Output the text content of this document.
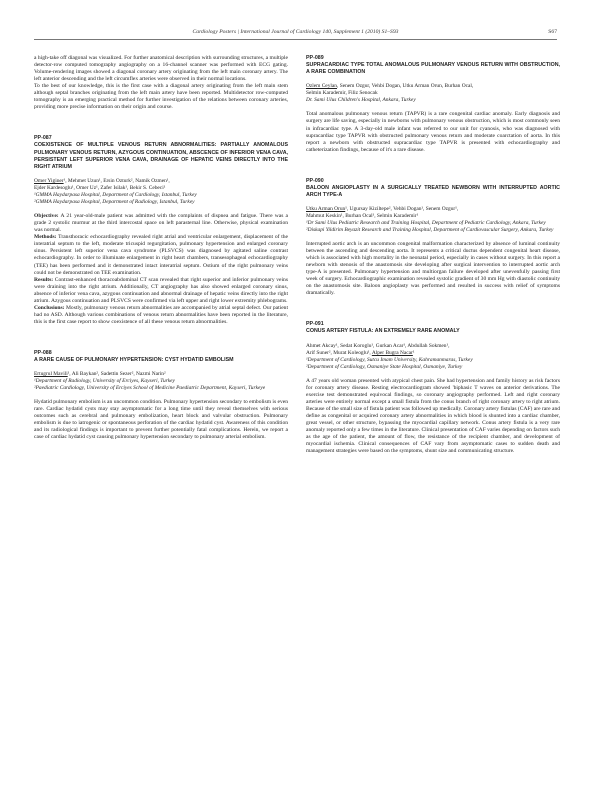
Cardiology Posters | International Journal of Cardiology 140, Supplement 1 (2010) S1–S93	S67

a high-take off diagonal was visualized. For further anatomical description with surrounding structures, a multiple detector-row computed tomography angiography on a 16-channel scanner was performed with ECG gating. Volume-rendering images showed a diagonal coronary artery originating from the left main coronary artery. The left anterior descending and the left circumflex arteries were observed in their normal locations.

To the best of our knowledge, this is the first case with a diagonal artery originating from the left main stem although septal branches originating from the left main artery have been reported. Multidetector row-computed tomography is an emerging practical method for further investigation of the relations between coronary arteries, providing more precise information on their origin and course.

PP-087
COEXISTENCE OF MULTIPLE VENOUS RETURN ABNORMALITIES: PARTIALLY ANOMALOUS PULMONARY VENOUS RETURN, AZYGOUS CONTINUATION, ABSCENCE OF INFERIOR VENA CAVA, PERSISTENT LEFT SUPERIOR VENA CAVA, DRAINAGE OF HEPATIC VEINS DIRECTLY INTO THE RIGHT ATRIUM
Omer Yiginer¹, Mehmet Uzun¹, Ersin Ozturk², Namik Ozmen¹,
Ejder Kardesoglu¹, Omer Uz¹, Zafer Isilak¹, Bekir S. Cebeci¹
¹GMMA Haydarpasa Hospital, Department of Cardiology, Istanbul, Turkey
²GMMA Haydarpasa Hospital, Department of Radiology, Istanbul, Turkey

Objective: A 21 year-old-male patient was admitted with the complaints of dispnea and fatigue. There was a grade 2 systolic murmur at the third intercostal space on left parasternal line. Otherwise, physical examination was normal.

Methods: Transthoracic echocardiography revealed right atrial and ventricular enlargement, displacement of the interatrial septum to the left, moderate tricuspid regurgitation, pulmonary hypertension and enlarged coronary sinus. Persistent left superior vena cava syndrome (PLSVCS) was diagnosed by agitated saline contrast echocardiography. In order to illuminate enlargement in right heart chambers, transesophageal echocardiography (TEE) has been performed and it demonstrated intact interatrial septum. Ostium of the right pulmonary veins could not be demonstrated on TEE examination.

Results: Contrast-enhanced thoracoabdominal CT scan revealed that right superior and inferior pulmonary veins were draining into the right atrium. Additionally, CT angiography has also showed enlarged coronary sinus, absence of inferior vena cava, azygous continuation and abnormal drainage of hepatic veins directly into the right atrium. Azygous continuation and PLSVCS were confirmed via left upper and right lower extremity phlebograms.

Conclusions: Mostly, pulmonary venous return abnormalities are accompanied by atrial septal defect. Our patient had no ASD. Although various combinations of venous return abnormalities have been reported in the literature, this is the first case report to show coexistence of all these venous return abnormalities.

PP-088
A RARE CAUSE OF PULMONARY HYPERTENSION: CYST HYDATID EMBOLISM
Ertugrul Mavili¹, Ali Baykan², Sadettin Sezer², Nazmi Narin²
¹Department of Radiology, University of Erciyes, Kayseri, Turkey
²Paediatric Cardiology, University of Erciyes School of Medicine Paediatric Department, Kayseri, Turkeye

Hydatid pulmonary embolism is an uncommon condition. Pulmonary hypertension secondary to embolism is even rare. Cardiac hydatid cysts may stay asymptomatic for a long time until they reveal themselves with serious outcomes such as cerebral and pulmonary embolization, heart block and valvular obstruction. Pulmonary embolism is due to iatrogenic or spontaneous perforation of the cardiac hydatid cyst. Awareness of this condition and its radiological findings is important to prevent further potentially fatal complications. Herein, we report a case of cardiac hydatid cyst causing pulmonary hypertension secondary to pulmonary arterial embolism.

PP-089
SUPRACARDIAC TYPE TOTAL ANOMALOUS PULMONARY VENOUS RETURN WITH OBSTRUCTION, A RARE COMBINATION
Ozlem Ceylan, Senem Ozgur, Vehbi Dogan, Utku Arman Orun, Burhan Ocal,
Selmin Karademir, Filiz Senocak
Dr. Sami Ulus Children's Hospital, Ankara, Turkey

Total anomalous pulmonary venous return (TAPVR) is a rare congenital cardiac anomaly. Early diagnosis and surgery are life saving, especially in newborns with pulmonary venous obstruction, which is most commonly seen in infracardiac type. A 3-day-old male infant was referred to our unit for cyanosis, who was diagnosed with supracardiac type TAPVR with obstructed pulmonary venous return and moderate coarctation of aorta. In this report a newborn with obstructed supracardiac type TAPVR is presented with echocardiography and catheterization findings, because of it's a rare disease.

PP-090
BALOON ANGIOPLASTY IN A SURGICALLY TREATED NEWBORN WITH INTERRUPTED AORTIC ARCH TYPE-A
Utku Arman Orun¹, Ugursay Kiziltepe², Vehbi Dogan¹, Senem Ozgur¹,
Mahmut Keskin¹, Burhan Ocal¹, Selmin Karademir¹
¹Dr Sami Ulus Pediatric Research and Training Hospital, Department of Pediatric Cardiology, Ankara, Turkey
²Diskapi Yildirim Beyazit Research and Training Hospital, Department of Cardiovascular Surgery, Ankara, Turkey

Interrupted aortic arch is an uncommon congenital malformation characterized by absence of luminal continuity between the ascending and descending aorta. It represents a critical ductus dependent congenital heart disease, which is associated with high mortality in the neonatal period, especially in cases without surgery. In this report a newborn with stenosis of the anastomosis site developing after surgical intervention to interrupted aortic arch type-A is presented. Pulmonary hypertension and multiorgan failure developed after unevenfully passing first week of surgery. Echocardiographic examination revealed systolic gradient of 30 mm Hg with diastolic continuity on the anastomosis site. Baloon angioplasty was performed and resulted in success with relief of symptoms dramatically.

PP-091
CONUS ARTERY FISTULA: AN EXTREMELY RARE ANOMALY
Ahmet Akcay¹, Sedat Koroglu¹, Gurkan Acar¹, Abdullah Sokmen¹,
Arif Suner², Murat Koleoglu¹, Alper Bugra Nacar¹
¹Department of Cardiology, Sutcu Imam University, Kahramanmaras, Turkey
²Department of Cardiology, Osmaniye State Hospital, Osmaniye, Turkey

A 47 years old woman presented with atypical chest pain. She had hypertension and family history as risk factors for coronary artery disease. Resting electrocardiogram showed 'biphasic T waves on anterior derivations. The exercise test demonstrated equivocal findings, so coronary angiography performed. Left and right coronary arteries were entirely normal except a small fistula from the conus branch of right coronary artery to right atrium. Because of the small size of fistula patient was followed up medically. Coronary artery fistulas (CAF) are rare and define as congenital or acquired coronary artery abnormalities in which blood is shunted into a cardiac chamber, great vessel, or other structure, bypassing the myocardial capillary network. Conus artery fistula is a very rare anomaly reported only a few times in the literature. Clinical presentation of CAF varies depending on factors such as the age of the patient, the amount of flow, the resistance of the recipient chamber, and development of myocardial ischemia. Clinical consequences of CAF vary from asymptomatic cases to sudden death and management strategies were based on the symptoms, shunt size and communicating structure.
